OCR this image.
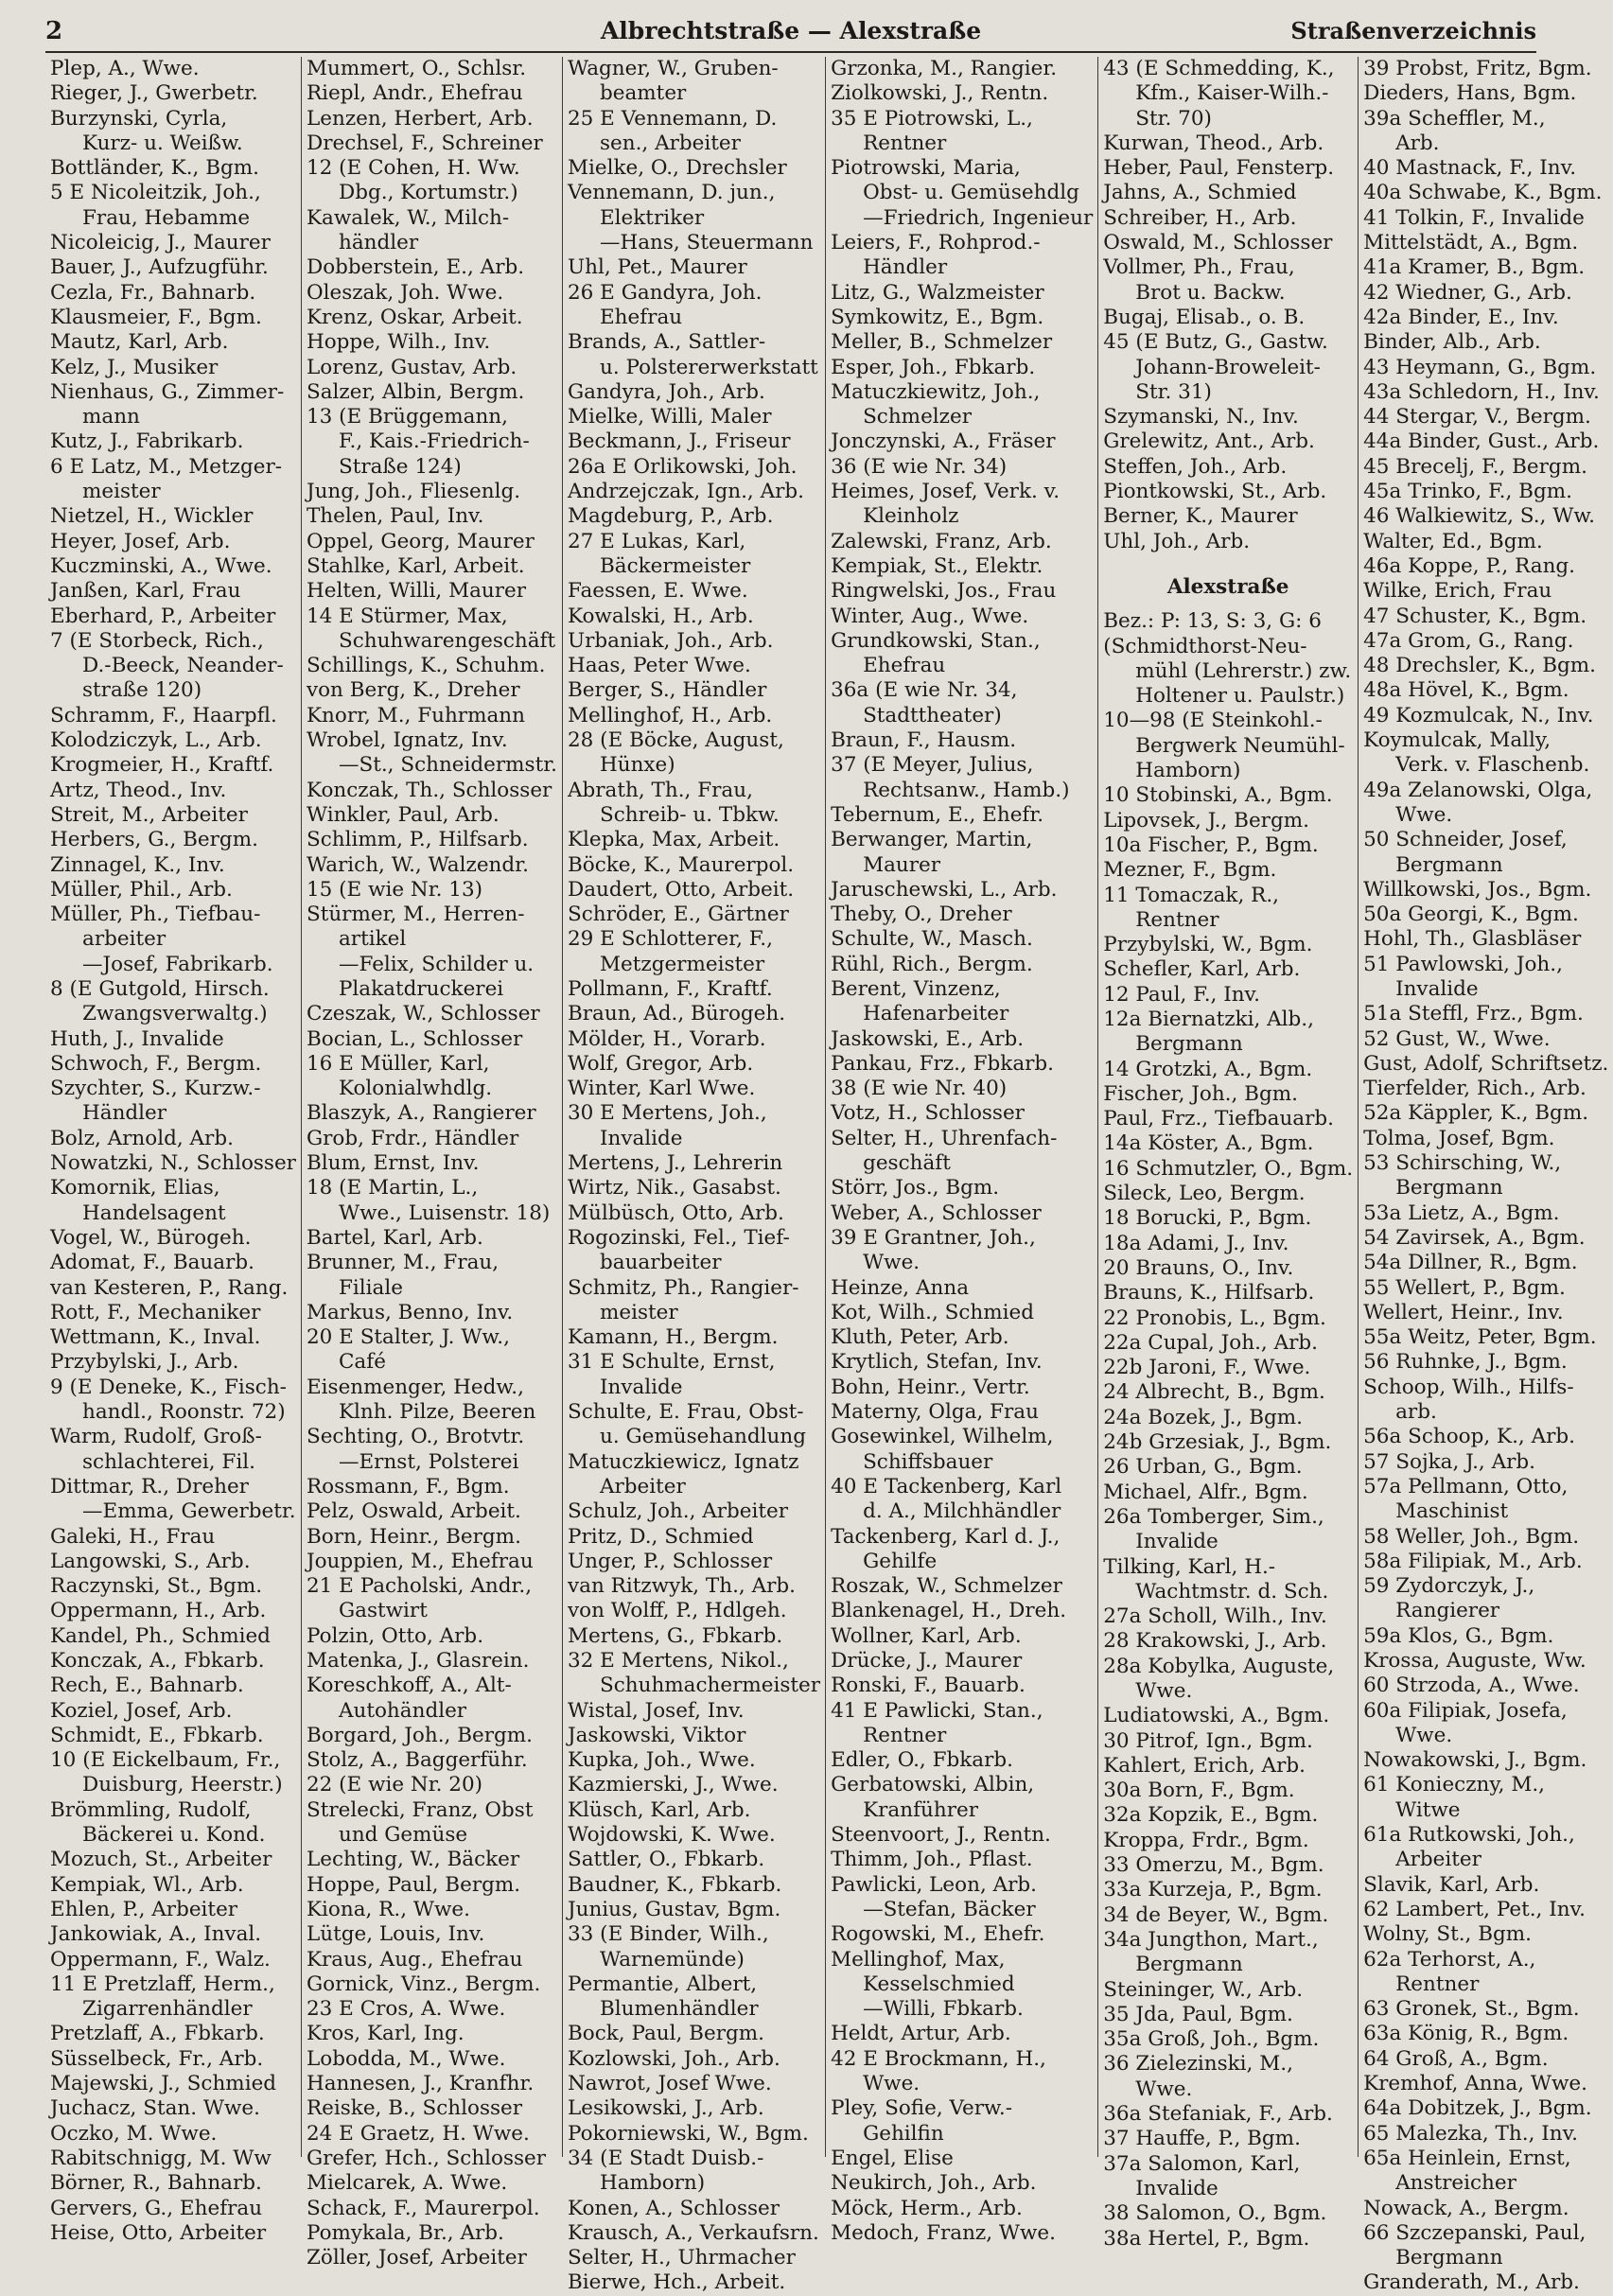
2	Albrechtstraße — Alexstraße	Straßenverzeichnis
Plep, A., Wwe.
Rieger, J., Gwerbetr.
Burzynski, Cyrla,
Kurz- u. Weißw.
Bottländer, K., Bgm.
5 E Nicoleitzik, Joh.,
Frau, Hebamme
Nicoleicig, J., Maurer
Bauer, J., Aufzugführ.
Cezla, Fr., Bahnarb.
Klausmeier, F., Bgm.
Mautz, Karl, Arb.
Kelz, J., Musiker
Nienhaus, G., Zimmer-
mann
Kutz, J., Fabrikarb.
6 E Latz, M., Metzger-
meister
Nietzel, H., Wickler
Heyer, Josef, Arb.
Kuczminski, A., Wwe.
Janßen, Karl, Frau
Eberhard, P., Arbeiter
7 (E Storbeck, Rich.,
D.-Beeck, Neander-
straße 120)
Schramm, F., Haarpfl.
Kolodziczyk, L., Arb.
Krogmeier, H., Kraftf.
Artz, Theod., Inv.
Streit, M., Arbeiter
Herbers, G., Bergm.
Zinnagel, K., Inv.
Müller, Phil., Arb.
Müller, Ph., Tiefbau-
arbeiter
—Josef, Fabrikarb.
8 (E Gutgold, Hirsch.
Zwangsverwaltg.)
Huth, J., Invalide
Schwoch, F., Bergm.
Szychter, S., Kurzw.-
Händler
Bolz, Arnold, Arb.
Nowatzki, N., Schlosser
Komornik, Elias,
Handelsagent
Vogel, W., Bürogeh.
Adomat, F., Bauarb.
van Kesteren, P., Rang.
Rott, F., Mechaniker
Wettmann, K., Inval.
Przybylski, J., Arb.
9 (E Deneke, K., Fisch-
handl., Roonstr. 72)
Warm, Rudolf, Groß-
schlachterei, Fil.
Dittmar, R., Dreher
—Emma, Gewerbetr.
Galeki, H., Frau
Langowski, S., Arb.
Raczynski, St., Bgm.
Oppermann, H., Arb.
Kandel, Ph., Schmied
Konczak, A., Fbkarb.
Rech, E., Bahnarb.
Koziel, Josef, Arb.
Schmidt, E., Fbkarb.
10 (E Eickelbaum, Fr.,
Duisburg, Heerstr.)
Brömmling, Rudolf,
Bäckerei u. Kond.
Mozuch, St., Arbeiter
Kempiak, Wl., Arb.
Ehlen, P., Arbeiter
Jankowiak, A., Inval.
Oppermann, F., Walz.
11 E Pretzlaff, Herm.,
Zigarrenhändler
Pretzlaff, A., Fbkarb.
Süsselbeck, Fr., Arb.
Majewski, J., Schmied
Juchacz, Stan. Wwe.
Oczko, M. Wwe.
Rabitschnigg, M. Ww
Börner, R., Bahnarb.
Gervers, G., Ehefrau
Heise, Otto, Arbeiter
Mummert, O., Schlsr.
Riepl, Andr., Ehefrau
Lenzen, Herbert, Arb.
Drechsel, F., Schreiner
12 (E Cohen, H. Ww.
Dbg., Kortumstr.)
Kawalek, W., Milch-
händler
Dobberstein, E., Arb.
Oleszak, Joh. Wwe.
Krenz, Oskar, Arbeit.
Hoppe, Wilh., Inv.
Lorenz, Gustav, Arb.
Salzer, Albin, Bergm.
13 (E Brüggemann,
F., Kais.-Friedrich-
Straße 124)
Jung, Joh., Fliesenlg.
Thelen, Paul, Inv.
Oppel, Georg, Maurer
Stahlke, Karl, Arbeit.
Helten, Willi, Maurer
14 E Stürmer, Max,
Schuhwarengeschäft
Schillings, K., Schuhm.
von Berg, K., Dreher
Knorr, M., Fuhrmann
Wrobel, Ignatz, Inv.
—St., Schneidermstr.
Konczak, Th., Schlosser
Winkler, Paul, Arb.
Schlimm, P., Hilfsarb.
Warich, W., Walzendr.
15 (E wie Nr. 13)
Stürmer, M., Herren-
artikel
—Felix, Schilder u.
Plakatdruckerei
Czeszak, W., Schlosser
Bocian, L., Schlosser
16 E Müller, Karl,
Kolonialwhdlg.
Blaszyk, A., Rangierer
Grob, Frdr., Händler
Blum, Ernst, Inv.
18 (E Martin, L.,
Wwe., Luisenstr. 18)
Bartel, Karl, Arb.
Brunner, M., Frau,
Filiale
Markus, Benno, Inv.
20 E Stalter, J. Ww.,
Café
Eisenmenger, Hedw.,
Klnh. Pilze, Beeren
Sechting, O., Brotvtr.
—Ernst, Polsterei
Rossmann, F., Bgm.
Pelz, Oswald, Arbeit.
Born, Heinr., Bergm.
Jouppien, M., Ehefrau
21 E Pacholski, Andr.,
Gastwirt
Polzin, Otto, Arb.
Matenka, J., Glasrein.
Koreschkoff, A., Alt-
Autohändler
Borgard, Joh., Bergm.
Stolz, A., Baggerführ.
22 (E wie Nr. 20)
Strelecki, Franz, Obst
und Gemüse
Lechting, W., Bäcker
Hoppe, Paul, Bergm.
Kiona, R., Wwe.
Lütge, Louis, Inv.
Kraus, Aug., Ehefrau
Gornick, Vinz., Bergm.
23 E Cros, A. Wwe.
Kros, Karl, Ing.
Lobodda, M., Wwe.
Hannesen, J., Kranfhr.
Reiske, B., Schlosser
24 E Graetz, H. Wwe.
Grefer, Hch., Schlosser
Mielcarek, A. Wwe.
Schack, F., Maurerpol.
Pomykala, Br., Arb.
Zöller, Josef, Arbeiter
Wagner, W., Gruben-
beamter
25 E Vennemann, D.
sen., Arbeiter
Mielke, O., Drechsler
Vennemann, D. jun.,
Elektriker
—Hans, Steuermann
Uhl, Pet., Maurer
26 E Gandyra, Joh.
Ehefrau
Brands, A., Sattler-
u. Polstererwerkstatt
Gandyra, Joh., Arb.
Mielke, Willi, Maler
Beckmann, J., Friseur
26a E Orlikowski, Joh.
Andrzejczak, Ign., Arb.
Magdeburg, P., Arb.
27 E Lukas, Karl,
Bäckermeister
Faessen, E. Wwe.
Kowalski, H., Arb.
Urbaniak, Joh., Arb.
Haas, Peter Wwe.
Berger, S., Händler
Mellinghof, H., Arb.
28 (E Böcke, August,
Hünxe)
Abrath, Th., Frau,
Schreib- u. Tbkw.
Klepka, Max, Arbeit.
Böcke, K., Maurerpol.
Daudert, Otto, Arbeit.
Schröder, E., Gärtner
29 E Schlotterer, F.,
Metzgermeister
Pollmann, F., Kraftf.
Braun, Ad., Bürogeh.
Mölder, H., Vorarb.
Wolf, Gregor, Arb.
Winter, Karl Wwe.
30 E Mertens, Joh.,
Invalide
Mertens, J., Lehrerin
Wirtz, Nik., Gasabst.
Mülbüsch, Otto, Arb.
Rogozinski, Fel., Tief-
bauarbeiter
Schmitz, Ph., Rangier-
meister
Kamann, H., Bergm.
31 E Schulte, Ernst,
Invalide
Schulte, E. Frau, Obst-
u. Gemüsehandlung
Matuczkiewicz, Ignatz
Arbeiter
Schulz, Joh., Arbeiter
Pritz, D., Schmied
Unger, P., Schlosser
van Ritzwyk, Th., Arb.
von Wolff, P., Hdlgeh.
Mertens, G., Fbkarb.
32 E Mertens, Nikol.,
Schuhmachermeister
Wistal, Josef, Inv.
Jaskowski, Viktor
Kupka, Joh., Wwe.
Kazmierski, J., Wwe.
Klüsch, Karl, Arb.
Wojdowski, K. Wwe.
Sattler, O., Fbkarb.
Baudner, K., Fbkarb.
Junius, Gustav, Bgm.
33 (E Binder, Wilh.,
Warnemünde)
Permantie, Albert,
Blumenhändler
Bock, Paul, Bergm.
Kozlowski, Joh., Arb.
Nawrot, Josef Wwe.
Lesikowski, J., Arb.
Pokorniewski, W., Bgm.
34 (E Stadt Duisb.-
Hamborn)
Konen, A., Schlosser
Krausch, A., Verkaufsrn.
Selter, H., Uhrmacher
Bierwe, Hch., Arbeit.
Grzonka, M., Rangier.
Ziolkowski, J., Rentn.
35 E Piotrowski, L.,
Rentner
Piotrowski, Maria,
Obst- u. Gemüsehdlg
—Friedrich, Ingenieur
Leiers, F., Rohprod.-
Händler
Litz, G., Walzmeister
Symkowitz, E., Bgm.
Meller, B., Schmelzer
Esper, Joh., Fbkarb.
Matuczkiewitz, Joh.,
Schmelzer
Jonczynski, A., Fräser
36 (E wie Nr. 34)
Heimes, Josef, Verk. v.
Kleinholz
Zalewski, Franz, Arb.
Kempiak, St., Elektr.
Ringwelski, Jos., Frau
Winter, Aug., Wwe.
Grundkowski, Stan.,
Ehefrau
36a (E wie Nr. 34,
Stadttheater)
Braun, F., Hausm.
37 (E Meyer, Julius,
Rechtsanw., Hamb.)
Tebernum, E., Ehefr.
Berwanger, Martin,
Maurer
Jaruschewski, L., Arb.
Theby, O., Dreher
Schulte, W., Masch.
Rühl, Rich., Bergm.
Berent, Vinzenz,
Hafenarbeiter
Jaskowski, E., Arb.
Pankau, Frz., Fbkarb.
38 (E wie Nr. 40)
Votz, H., Schlosser
Selter, H., Uhrenfach-
geschäft
Störr, Jos., Bgm.
Weber, A., Schlosser
39 E Grantner, Joh.,
Wwe.
Heinze, Anna
Kot, Wilh., Schmied
Kluth, Peter, Arb.
Krytlich, Stefan, Inv.
Bohn, Heinr., Vertr.
Materny, Olga, Frau
Gosewinkel, Wilhelm,
Schiffsbauer
40 E Tackenberg, Karl
d. A., Milchhändler
Tackenberg, Karl d. J.,
Gehilfe
Roszak, W., Schmelzer
Blankenagel, H., Dreh.
Wollner, Karl, Arb.
Drücke, J., Maurer
Ronski, F., Bauarb.
41 E Pawlicki, Stan.,
Rentner
Edler, O., Fbkarb.
Gerbatowski, Albin,
Kranführer
Steenvoort, J., Rentn.
Thimm, Joh., Pflast.
Pawlicki, Leon, Arb.
—Stefan, Bäcker
Rogowski, M., Ehefr.
Mellinghof, Max,
Kesselschmied
—Willi, Fbkarb.
Heldt, Artur, Arb.
42 E Brockmann, H.,
Wwe.
Pley, Sofie, Verw.-
Gehilfin
Engel, Elise
Neukirch, Joh., Arb.
Möck, Herm., Arb.
Medoch, Franz, Wwe.
43 (E Schmedding, K.,
Kfm., Kaiser-Wilh.-
Str. 70)
Kurwan, Theod., Arb.
Heber, Paul, Fensterp.
Jahns, A., Schmied
Schreiber, H., Arb.
Oswald, M., Schlosser
Vollmer, Ph., Frau,
Brot u. Backw.
Bugaj, Elisab., o. B.
45 (E Butz, G., Gastw.
Johann-Broweleit-
Str. 31)
Szymanski, N., Inv.
Grelewitz, Ant., Arb.
Steffen, Joh., Arb.
Piontkowski, St., Arb.
Berner, K., Maurer
Uhl, Joh., Arb.
Alexstraße
Bez.: P: 13, S: 3, G: 6
(Schmidthorst-Neu-
mühl (Lehrerstr.) zw.
Holtener u. Paulstr.)
10—98 (E Steinkohl.-
Bergwerk Neumühl-
Hamborn)
10 Stobinski, A., Bgm.
Lipovsek, J., Bergm.
10a Fischer, P., Bgm.
Mezner, F., Bgm.
11 Tomaczak, R.,
Rentner
Przybylski, W., Bgm.
Schefler, Karl, Arb.
12 Paul, F., Inv.
12a Biernatzki, Alb.,
Bergmann
14 Grotzki, A., Bgm.
Fischer, Joh., Bgm.
Paul, Frz., Tiefbauarb.
14a Köster, A., Bgm.
16 Schmutzler, O., Bgm.
Sileck, Leo, Bergm.
18 Borucki, P., Bgm.
18a Adami, J., Inv.
20 Brauns, O., Inv.
Brauns, K., Hilfsarb.
22 Pronobis, L., Bgm.
22a Cupal, Joh., Arb.
22b Jaroni, F., Wwe.
24 Albrecht, B., Bgm.
24a Bozek, J., Bgm.
24b Grzesiak, J., Bgm.
26 Urban, G., Bgm.
Michael, Alfr., Bgm.
26a Tomberger, Sim.,
Invalide
Tilking, Karl, H.-
Wachtmstr. d. Sch.
27a Scholl, Wilh., Inv.
28 Krakowski, J., Arb.
28a Kobylka, Auguste,
Wwe.
Ludiatowski, A., Bgm.
30 Pitrof, Ign., Bgm.
Kahlert, Erich, Arb.
30a Born, F., Bgm.
32a Kopzik, E., Bgm.
Kroppa, Frdr., Bgm.
33 Omerzu, M., Bgm.
33a Kurzeja, P., Bgm.
34 de Beyer, W., Bgm.
34a Jungthon, Mart.,
Bergmann
Steininger, W., Arb.
35 Jda, Paul, Bgm.
35a Groß, Joh., Bgm.
36 Zielezinski, M.,
Wwe.
36a Stefaniak, F., Arb.
37 Hauffe, P., Bgm.
37a Salomon, Karl,
Invalide
38 Salomon, O., Bgm.
38a Hertel, P., Bgm.
39 Probst, Fritz, Bgm.
Dieders, Hans, Bgm.
39a Scheffler, M.,
Arb.
40 Mastnack, F., Inv.
40a Schwabe, K., Bgm.
41 Tolkin, F., Invalide
Mittelstädt, A., Bgm.
41a Kramer, B., Bgm.
42 Wiedner, G., Arb.
42a Binder, E., Inv.
Binder, Alb., Arb.
43 Heymann, G., Bgm.
43a Schledorn, H., Inv.
44 Stergar, V., Bergm.
44a Binder, Gust., Arb.
45 Brecelj, F., Bergm.
45a Trinko, F., Bgm.
46 Walkiewitz, S., Ww.
Walter, Ed., Bgm.
46a Koppe, P., Rang.
Wilke, Erich, Frau
47 Schuster, K., Bgm.
47a Grom, G., Rang.
48 Drechsler, K., Bgm.
48a Hövel, K., Bgm.
49 Kozmulcak, N., Inv.
Koymulcak, Mally,
Verk. v. Flaschenb.
49a Zelanowski, Olga,
Wwe.
50 Schneider, Josef,
Bergmann
Willkowski, Jos., Bgm.
50a Georgi, K., Bgm.
Hohl, Th., Glasbläser
51 Pawlowski, Joh.,
Invalide
51a Steffl, Frz., Bgm.
52 Gust, W., Wwe.
Gust, Adolf, Schriftsetz.
Tierfelder, Rich., Arb.
52a Käppler, K., Bgm.
Tolma, Josef, Bgm.
53 Schirsching, W.,
Bergmann
53a Lietz, A., Bgm.
54 Zavirsek, A., Bgm.
54a Dillner, R., Bgm.
55 Wellert, P., Bgm.
Wellert, Heinr., Inv.
55a Weitz, Peter, Bgm.
56 Ruhnke, J., Bgm.
Schoop, Wilh., Hilfs-
arb.
56a Schoop, K., Arb.
57 Sojka, J., Arb.
57a Pellmann, Otto,
Maschinist
58 Weller, Joh., Bgm.
58a Filipiak, M., Arb.
59 Zydorczyk, J.,
Rangierer
59a Klos, G., Bgm.
Krossa, Auguste, Ww.
60 Strzoda, A., Wwe.
60a Filipiak, Josefa,
Wwe.
Nowakowski, J., Bgm.
61 Konieczny, M.,
Witwe
61a Rutkowski, Joh.,
Arbeiter
Slavik, Karl, Arb.
62 Lambert, Pet., Inv.
Wolny, St., Bgm.
62a Terhorst, A.,
Rentner
63 Gronek, St., Bgm.
63a König, R., Bgm.
64 Groß, A., Bgm.
Kremhof, Anna, Wwe.
64a Dobitzek, J., Bgm.
65 Malezka, Th., Inv.
65a Heinlein, Ernst,
Anstreicher
Nowack, A., Bergm.
66 Szczepanski, Paul,
Bergmann
Granderath, M., Arb.
